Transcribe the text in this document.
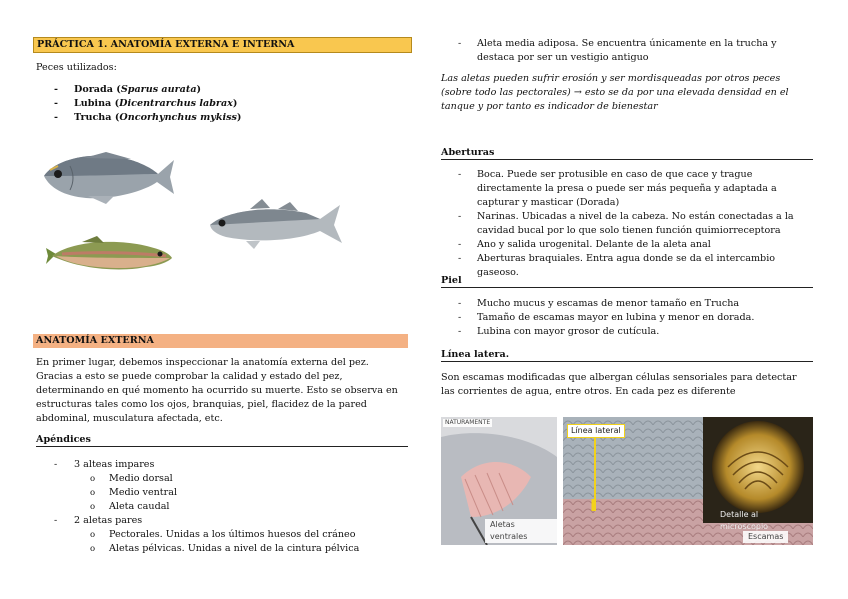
PRÁCTICA 1. ANATOMÍA EXTERNA E INTERNA
Peces utilizados:
- Dorada (Sparus aurata)
- Lubina (Dicentrarchus labrax)
- Trucha (Oncorhynchus mykiss)
ANATOMÍA EXTERNA
En primer lugar, debemos inspeccionar la anatomía externa del pez. Gracias a esto se puede comprobar la calidad y estado del pez, determinando en qué momento ha ocurrido su muerte. Esto se observa en estructuras tales como los ojos, branquias, piel, flacidez de la pared abdominal, musculatura afectada, etc.
Apéndices
- 3 alteas impares
o Medio dorsal
o Medio ventral
o Aleta caudal
- 2 aletas pares
o Pectorales. Unidas a los últimos huesos del cráneo
o Aletas pélvicas. Unidas a nivel de la cintura pélvica
- Aleta media adiposa. Se encuentra únicamente en la trucha y destaca por ser un vestigio antiguo
Las aletas pueden sufrir erosión y ser mordisqueadas por otros peces (sobre todo las pectorales) → esto se da por una elevada densidad en el tanque y por tanto es indicador de bienestar
Aberturas
- Boca. Puede ser protusible en caso de que cace y trague directamente la presa o puede ser más pequeña y adaptada a capturar y masticar (Dorada)
- Narinas. Ubicadas a nivel de la cabeza. No están conectadas a la cavidad bucal por lo que solo tienen función quimiorreceptora
- Ano y salida urogenital. Delante de la aleta anal
- Aberturas braquiales. Entra agua donde se da el intercambio gaseoso.
Piel
- Mucho mucus y escamas de menor tamaño en Trucha
- Tamaño de escamas mayor en lubina y menor en dorada.
- Lubina con mayor grosor de cutícula.
Línea latera.
Son escamas modificadas que albergan células sensoriales para detectar las corrientes de agua, entre otros. En cada pez es diferente
NATURAMENTE
Aletas ventrales
Línea lateral
Detalle al microscopio
Escamas
